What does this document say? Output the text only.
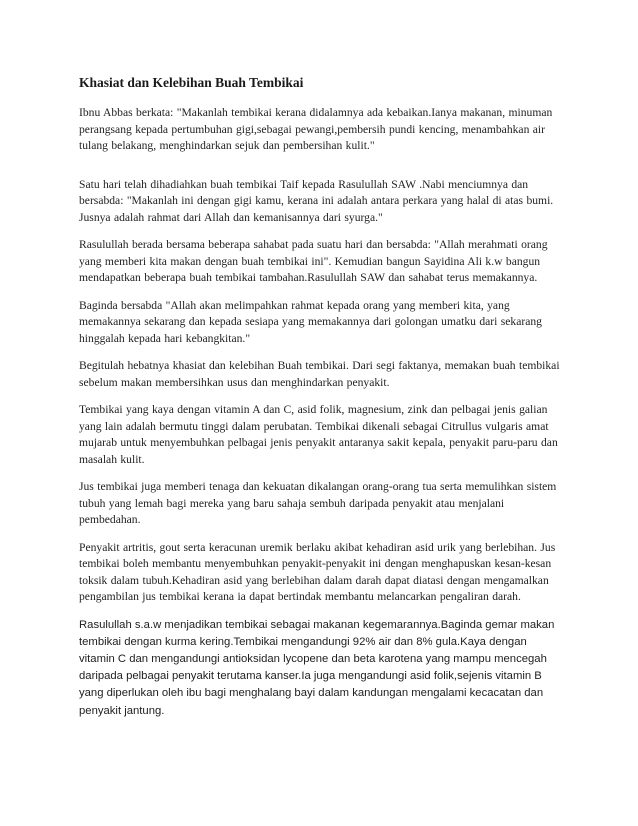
Khasiat dan Kelebihan Buah Tembikai

Ibnu Abbas berkata: "Makanlah tembikai kerana didalamnya ada kebaikan.Ianya makanan, minuman perangsang kepada pertumbuhan gigi,sebagai pewangi,pembersih pundi kencing, menambahkan air tulang belakang, menghindarkan sejuk dan pembersihan kulit."

Satu hari telah dihadiahkan buah tembikai Taif kepada Rasulullah SAW .Nabi menciumnya dan bersabda: "Makanlah ini dengan gigi kamu, kerana ini adalah antara perkara yang halal di atas bumi. Jusnya adalah rahmat dari Allah dan kemanisannya dari syurga."

Rasulullah berada bersama beberapa sahabat pada suatu hari dan bersabda: "Allah merahmati orang yang memberi kita makan dengan buah tembikai ini". Kemudian bangun Sayidina Ali k.w bangun mendapatkan beberapa buah tembikai tambahan.Rasulullah SAW dan sahabat terus memakannya.

Baginda bersabda "Allah akan melimpahkan rahmat kepada orang yang memberi kita, yang memakannya sekarang dan kepada sesiapa yang memakannya dari golongan umatku dari sekarang hinggalah kepada hari kebangkitan."

Begitulah hebatnya khasiat dan kelebihan Buah tembikai. Dari segi faktanya, memakan buah tembikai sebelum makan membersihkan usus dan menghindarkan penyakit.

Tembikai yang kaya dengan vitamin A dan C, asid folik, magnesium, zink dan pelbagai jenis galian yang lain adalah bermutu tinggi dalam perubatan. Tembikai dikenali sebagai Citrullus vulgaris amat mujarab untuk menyembuhkan pelbagai jenis penyakit antaranya sakit kepala, penyakit paru-paru dan masalah kulit.

Jus tembikai juga memberi tenaga dan kekuatan dikalangan orang-orang tua serta memulihkan sistem tubuh yang lemah bagi mereka yang baru sahaja sembuh daripada penyakit atau menjalani pembedahan.

Penyakit artritis, gout serta keracunan uremik berlaku akibat kehadiran asid urik yang berlebihan. Jus tembikai boleh membantu menyembuhkan penyakit-penyakit ini dengan menghapuskan kesan-kesan toksik dalam tubuh.Kehadiran asid yang berlebihan dalam darah dapat diatasi dengan mengamalkan pengambilan jus tembikai kerana ia dapat bertindak membantu melancarkan pengaliran darah.

Rasulullah s.a.w menjadikan tembikai sebagai makanan kegemarannya.Baginda gemar makan tembikai dengan kurma kering.Tembikai mengandungi 92% air dan 8% gula.Kaya dengan vitamin C dan mengandungi antioksidan lycopene dan beta karotena yang mampu mencegah daripada pelbagai penyakit terutama kanser.Ia juga mengandungi asid folik,sejenis vitamin B yang diperlukan oleh ibu bagi menghalang bayi dalam kandungan mengalami kecacatan dan penyakit jantung.
